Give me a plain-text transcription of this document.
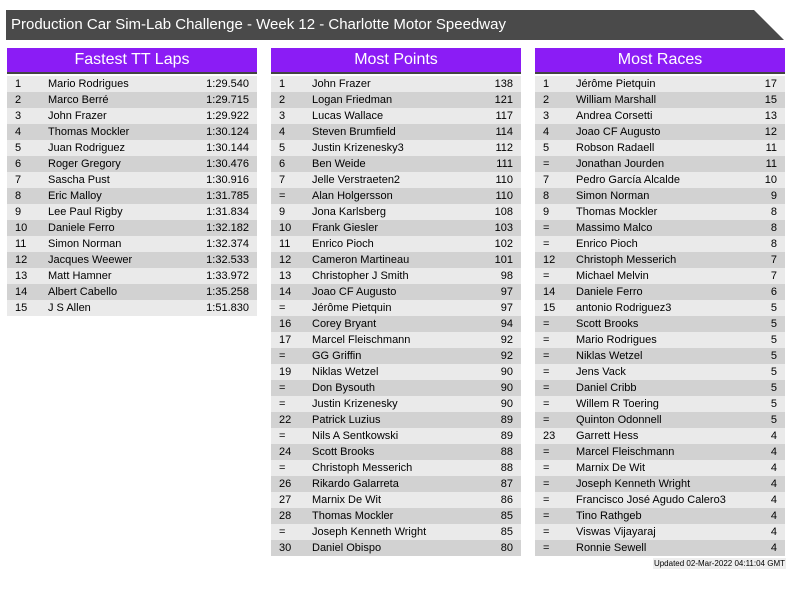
Production Car Sim-Lab Challenge - Week 12 - Charlotte Motor Speedway
Fastest TT Laps
1 Mario Rodrigues	1:29.540
2 Marco Berré	1:29.715
3 John Frazer	1:29.922
4 Thomas Mockler	1:30.124
5 Juan Rodriguez	1:30.144
6 Roger Gregory	1:30.476
7 Sascha Pust	1:30.916
8 Eric Malloy	1:31.785
9 Lee Paul Rigby	1:31.834
10 Daniele Ferro	1:32.182
11 Simon Norman	1:32.374
12 Jacques Weewer	1:32.533
13 Matt Hamner	1:33.972
14 Albert Cabello	1:35.258
15 J S Allen	1:51.830
Most Points
1 John Frazer	138
2 Logan Friedman	121
3 Lucas Wallace	117
4 Steven Brumfield	114
5 Justin Krizenesky3	112
6 Ben Weide	111
7 Jelle Verstraeten2	110
= Alan Holgersson	110
9 Jona Karlsberg	108
10 Frank Giesler	103
11 Enrico Pioch	102
12 Cameron Martineau	101
13 Christopher J Smith	98
14 Joao CF Augusto	97
= Jérôme Pietquin	97
16 Corey Bryant	94
17 Marcel Fleischmann	92
= GG Griffin	92
19 Niklas Wetzel	90
= Don Bysouth	90
= Justin Krizenesky	90
22 Patrick Luzius	89
= Nils A Sentkowski	89
24 Scott Brooks	88
= Christoph Messerich	88
26 Rikardo Galarreta	87
27 Marnix De Wit	86
28 Thomas Mockler	85
= Joseph Kenneth Wright	85
30 Daniel Obispo	80
Most Races
1 Jérôme Pietquin	17
2 William Marshall	15
3 Andrea Corsetti	13
4 Joao CF Augusto	12
5 Robson Radaell	11
= Jonathan Jourden	11
7 Pedro García Alcalde	10
8 Simon Norman	9
9 Thomas Mockler	8
= Massimo Malco	8
= Enrico Pioch	8
12 Christoph Messerich	7
= Michael Melvin	7
14 Daniele Ferro	6
15 antonio Rodriguez3	5
= Scott Brooks	5
= Mario Rodrigues	5
= Niklas Wetzel	5
= Jens Vack	5
= Daniel Cribb	5
= Willem R Toering	5
= Quinton Odonnell	5
23 Garrett Hess	4
= Marcel Fleischmann	4
= Marnix De Wit	4
= Joseph Kenneth Wright	4
= Francisco José Agudo Calero3	4
= Tino Rathgeb	4
= Viswas Vijayaraj	4
= Ronnie Sewell	4
Updated 02-Mar-2022 04:11:04 GMT
